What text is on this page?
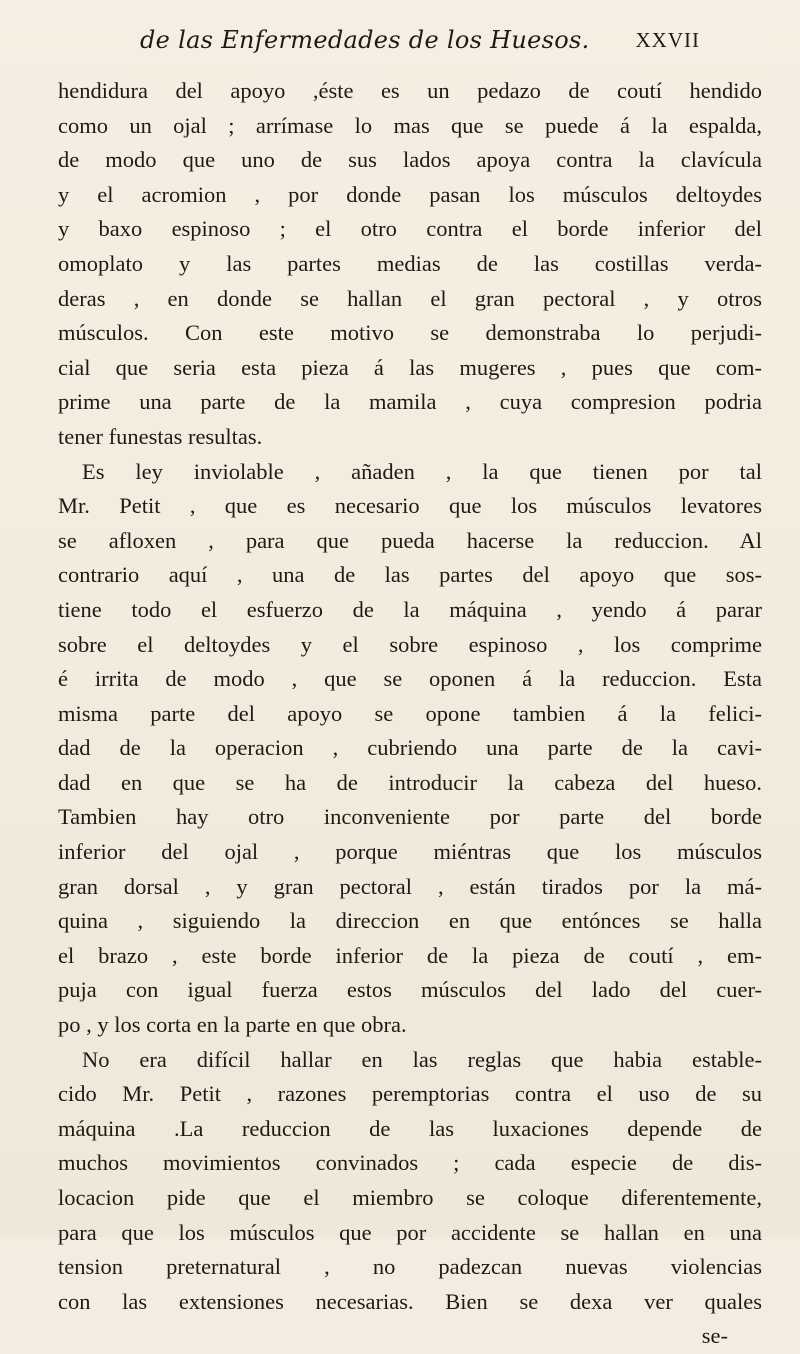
de las Enfermedades de los Huesos. XXVII
hendidura del apoyo ,éste es un pedazo de coutí hendido
como un ojal ; arrímase lo mas que se puede á la espalda,
de modo que uno de sus lados apoya contra la clavícula
y el acromion , por donde pasan los músculos deltoydes
y baxo espinoso ; el otro contra el borde inferior del
omoplato y las partes medias de las costillas verda-
deras , en donde se hallan el gran pectoral , y otros
músculos. Con este motivo se demonstraba lo perjudi-
cial que seria esta pieza á las mugeres , pues que com-
prime una parte de la mamila , cuya compresion podria
tener funestas resultas.
Es ley inviolable , añaden , la que tienen por tal
Mr. Petit , que es necesario que los músculos levatores
se afloxen , para que pueda hacerse la reduccion. Al
contrario aquí , una de las partes del apoyo que sos-
tiene todo el esfuerzo de la máquina , yendo á parar
sobre el deltoydes y el sobre espinoso , los comprime
é irrita de modo , que se oponen á la reduccion. Esta
misma parte del apoyo se opone tambien á la felici-
dad de la operacion , cubriendo una parte de la cavi-
dad en que se ha de introducir la cabeza del hueso.
Tambien hay otro inconveniente por parte del borde
inferior del ojal , porque miéntras que los músculos
gran dorsal , y gran pectoral , están tirados por la má-
quina , siguiendo la direccion en que entónces se halla
el brazo , este borde inferior de la pieza de coutí , em-
puja con igual fuerza estos músculos del lado del cuer-
po , y los corta en la parte en que obra.
No era difícil hallar en las reglas que habia estable-
cido Mr. Petit , razones peremptorias contra el uso de su
máquina .La reduccion de las luxaciones depende de
muchos movimientos convinados ; cada especie de dis-
locacion pide que el miembro se coloque diferentemente,
para que los músculos que por accidente se hallan en una
tension preternatural , no padezcan nuevas violencias
con las extensiones necesarias. Bien se dexa ver quales
se-
